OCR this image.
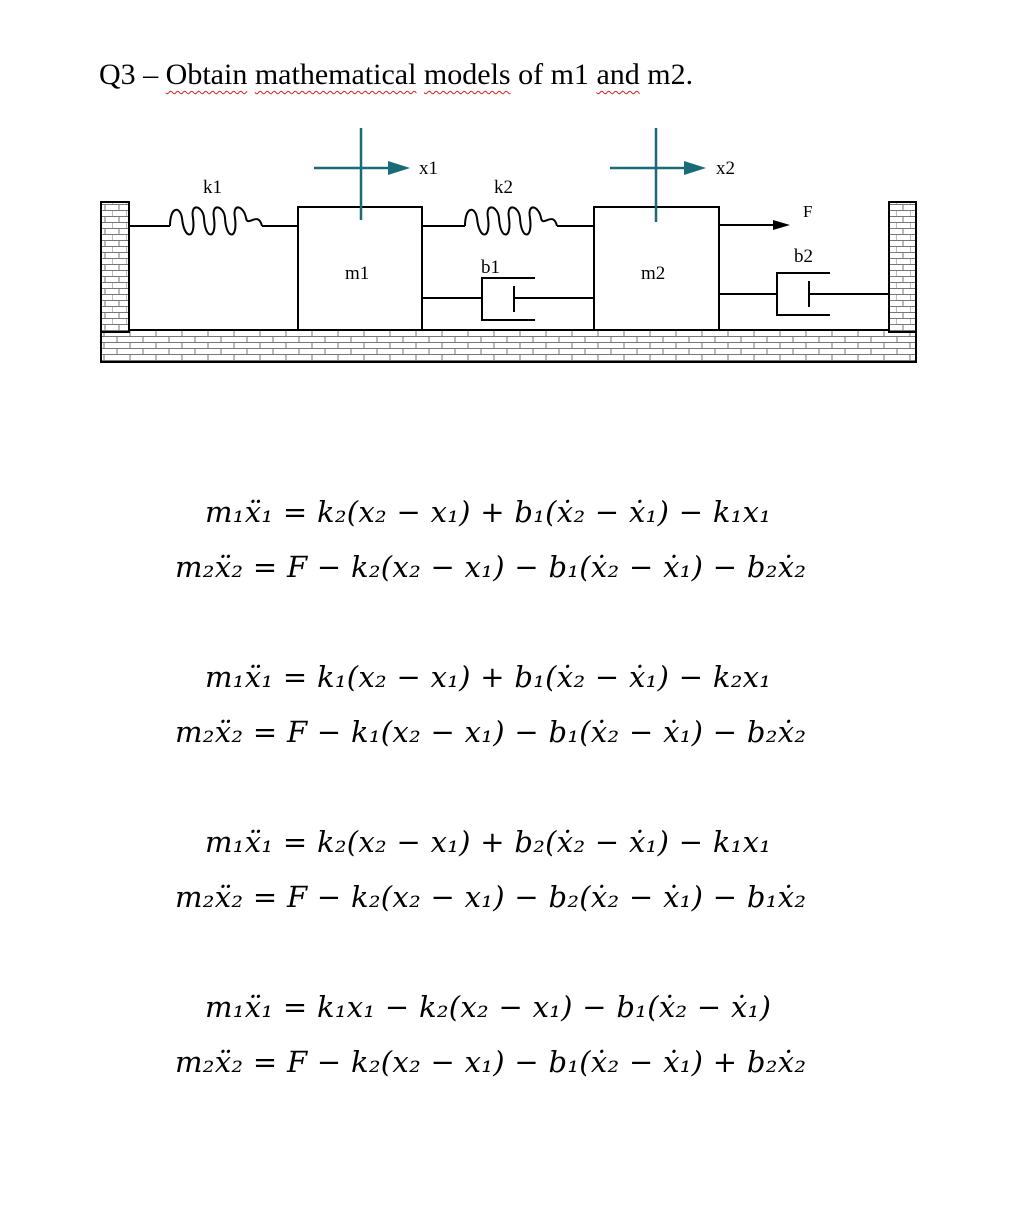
Q3 – Obtain mathematical models of m1 and m2.
k1
m1
x1
k2
b1	m2
x2
F
b2
m₁ẍ₁ = k₂(x₂ − x₁) + b₁(ẋ₂ − ẋ₁) − k₁x₁
m₂ẍ₂ = F − k₂(x₂ − x₁) − b₁(ẋ₂ − ẋ₁) − b₂ẋ₂
m₁ẍ₁ = k₁(x₂ − x₁) + b₁(ẋ₂ − ẋ₁) − k₂x₁
m₂ẍ₂ = F − k₁(x₂ − x₁) − b₁(ẋ₂ − ẋ₁) − b₂ẋ₂
m₁ẍ₁ = k₂(x₂ − x₁) + b₂(ẋ₂ − ẋ₁) − k₁x₁
m₂ẍ₂ = F − k₂(x₂ − x₁) − b₂(ẋ₂ − ẋ₁) − b₁ẋ₂
m₁ẍ₁ = k₁x₁ − k₂(x₂ − x₁) − b₁(ẋ₂ − ẋ₁)
m₂ẍ₂ = F − k₂(x₂ − x₁) − b₁(ẋ₂ − ẋ₁) + b₂ẋ₂
